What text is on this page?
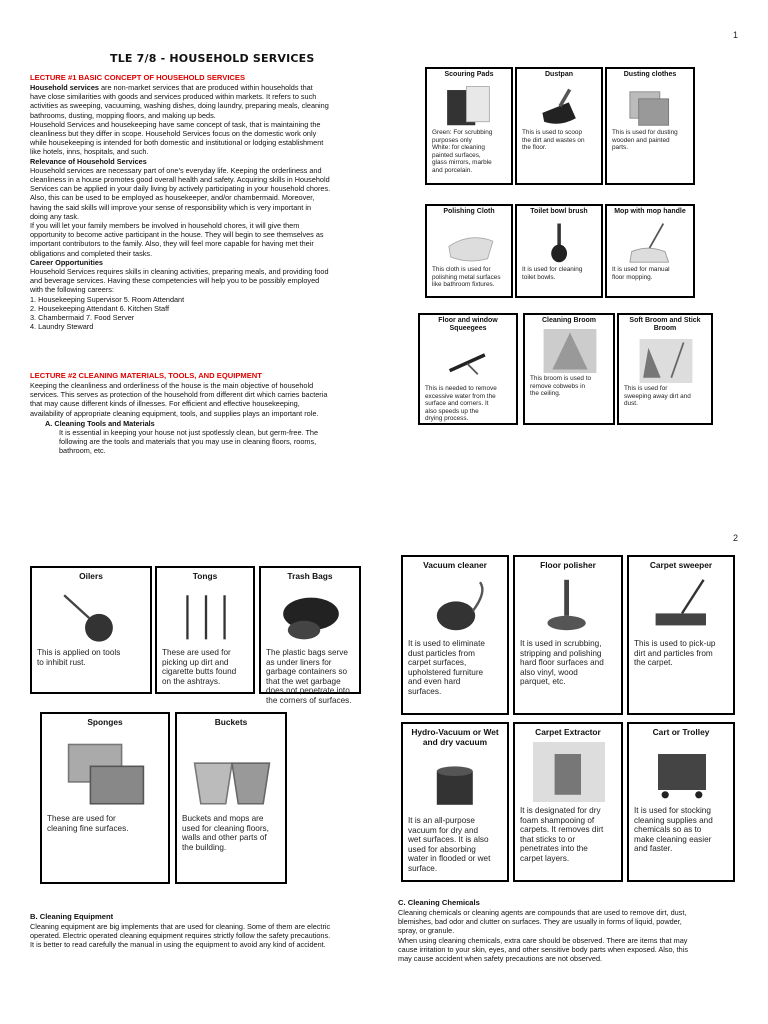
1
TLE 7/8 - HOUSEHOLD SERVICES
LECTURE #1 BASIC CONCEPT OF HOUSEHOLD SERVICES

Household services are non-market services that are produced within households that

have close similarities with goods and services produced within markets. It refers to such

activities as sweeping, vacuuming, washing dishes, doing laundry, preparing meals, cleaning

bathrooms, dusting, mopping floors, and making up beds.

Household Services and housekeeping have same concept of task, that is maintaining the

cleanliness but they differ in scope. Household Services focus on the domestic work only

while housekeeping is intended for both domestic and institutional or lodging establishment

like hotels, inns, hospitals, and such.

Relevance of Household Services

Household services are necessary part of one’s everyday life. Keeping the orderliness and

cleanliness in a house promotes good overall health and safety. Acquiring skills in Household

Services can be applied in your daily living by actively participating in your household chores.

Also, this can be used to be employed as housekeeper, and/or chambermaid. Moreover,

having the said skills will improve your sense of responsibility which is very important in

doing any task.

If you will let your family members be involved in household chores, it will give them

opportunity to become active participant in the house. They will begin to see themselves as

important contributors to the family. Also, they will feel more capable for having met their

obligations and completed their tasks.

Career Opportunities

Household Services requires skills in cleaning activities, preparing meals, and providing food

and beverage services. Having these competencies will help you to be possibly employed

with the following careers:

1. Housekeeping Supervisor 5. Room Attendant

2. Housekeeping Attendant 6. Kitchen Staff

3. Chambermaid 7. Food Server

4. Laundry Steward

LECTURE #2 CLEANING MATERIALS, TOOLS, AND EQUIPMENT

Keeping the cleanliness and orderliness of the house is the main objective of household

services. This serves as protection of the household from different dirt which carries bacteria

that may cause different kinds of illnesses. For efficient and effective housekeeping,

availability of appropriate cleaning equipment, tools, and supplies plays an important role.

A. Cleaning Tools and Materials

It is essential in keeping your house not just spotlessly clean, but germ-free. The

following are the tools and materials that you may use in cleaning floors, rooms,

bathroom, etc.

Scouring Pads
Green: For scrubbing
purposes only
White: for cleaning
painted surfaces,
glass mirrors, marble
and porcelain.
Dustpan
This is used to scoop
the dirt and wastes on
the floor.
Dusting clothes
This is used for dusting
wooden and painted
parts.
Polishing Cloth
This cloth is used for
polishing metal surfaces
like bathroom fixtures.
Toilet bowl brush
It is used for cleaning
toilet bowls.
Mop with mop handle
It is used for manual
floor mopping.
Floor and window Squeegees
This is needed to remove
excessive water from the
surface and corners. It
also speeds up the
drying process.
Cleaning Broom
This broom is used to
remove cobwebs in
the ceiling.
Soft Broom and Stick Broom
This is used for
sweeping away dirt and
dust.
2
Oilers
This is applied on tools
to inhibit rust.
Tongs
These are used for
picking up dirt and
cigarette butts found
on the ashtrays.
Trash Bags
The plastic bags serve
as under liners for
garbage containers so
that the wet garbage
does not penetrate into
the corners of surfaces.
Sponges
These are used for
cleaning fine surfaces.
Buckets
Buckets and mops are
used for cleaning floors,
walls and other parts of
the building.
Vacuum cleaner
It is used to eliminate
dust particles from
carpet surfaces,
upholstered furniture
and even hard
surfaces.
Floor polisher
It is used in scrubbing,
stripping and polishing
hard floor surfaces and
also vinyl, wood
parquet, etc.
Carpet sweeper
This is used to pick-up
dirt and particles from
the carpet.
Hydro-Vacuum or Wet and dry vacuum
It is an all-purpose
vacuum for dry and
wet surfaces. It is also
used for absorbing
water in flooded or wet
surface.
Carpet Extractor
It is designated for dry
foam shampooing of
carpets. It removes dirt
that sticks to or
penetrates into the
carpet layers.
Cart or Trolley
It is used for stocking
cleaning supplies and
chemicals so as to
make cleaning easier
and faster.
B. Cleaning Equipment

Cleaning equipment are big implements that are used for cleaning. Some of them are electric

operated. Electric operated cleaning equipment requires strictly follow the safety precautions.

It is better to read carefully the manual in using the equipment to avoid any kind of accident.

C. Cleaning Chemicals

Cleaning chemicals or cleaning agents are compounds that are used to remove dirt, dust,

blemishes, bad odor and clutter on surfaces. They are usually in forms of liquid, powder,

spray, or granule.

When using cleaning chemicals, extra care should be observed. There are items that may

cause irritation to your skin, eyes, and other sensitive body parts when exposed. Also, this

may cause accident when safety precautions are not observed.
